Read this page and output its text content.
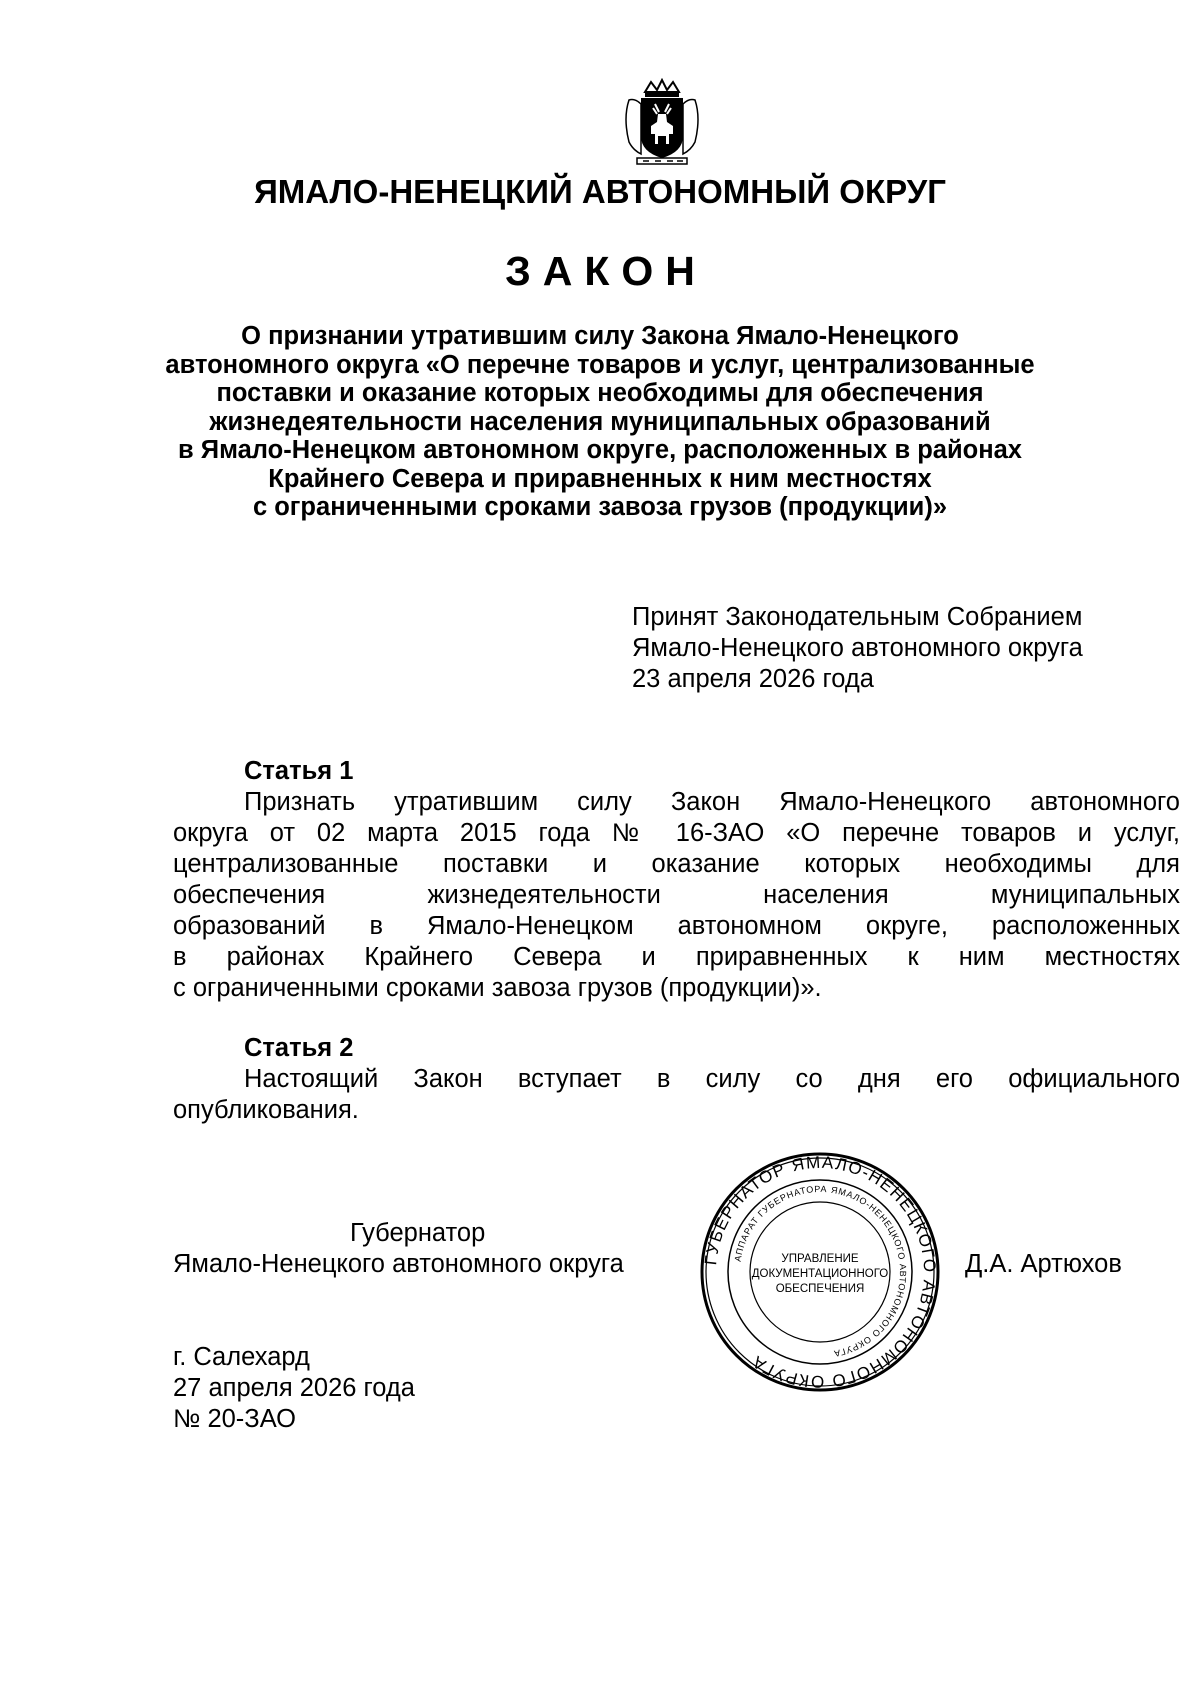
ЯМАЛО-НЕНЕЦКИЙ АВТОНОМНЫЙ ОКРУГ
ЗАКОН
О признании утратившим силу Закона Ямало-Ненецкого
автономного округа «О перечне товаров и услуг, централизованные
поставки и оказание которых необходимы для обеспечения
жизнедеятельности населения муниципальных образований
в Ямало-Ненецком автономном округе, расположенных в районах
Крайнего Севера и приравненных к ним местностях
с ограниченными сроками завоза грузов (продукции)»
Принят Законодательным Собранием
Ямало-Ненецкого автономного округа
23 апреля 2026 года
Статья 1
Признать утратившим силу Закон Ямало-Ненецкого автономного
округа от 02 марта 2015 года № 16-ЗАО «О перечне товаров и услуг,
централизованные поставки и оказание которых необходимы для
обеспечения жизнедеятельности населения муниципальных
образований в Ямало-Ненецком автономном округе, расположенных
в районах Крайнего Севера и приравненных к ним местностях
с ограниченными сроками завоза грузов (продукции)».
Статья 2
Настоящий Закон вступает в силу со дня его официального
опубликования.
Губернатор
Ямало-Ненецкого автономного округа	Д.А. Артюхов
ГУБЕРНАТОР ЯМАЛО-НЕНЕЦКОГО АВТОНОМНОГО ОКРУГА
АППАРАТ ГУБЕРНАТОРА ЯМАЛО-НЕНЕЦКОГО АВТОНОМНОГО ОКРУГА
УПРАВЛЕНИЕ
ДОКУМЕНТАЦИОННОГО
ОБЕСПЕЧЕНИЯ
г. Салехард
27 апреля 2026 года
№ 20-ЗАО
